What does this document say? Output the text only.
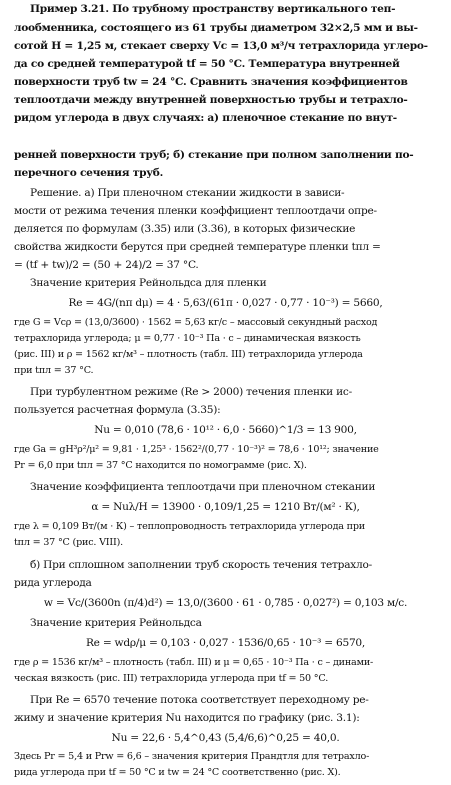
Пример 3.21. По трубному пространству вертикального теп-

лообменника, состоящего из 61 трубы диаметром 32×2,5 мм и вы-

сотой H = 1,25 м, стекает сверху Vc = 13,0 м³/ч тетрахлорида углеро-

да со средней температурой tf = 50 °C. Температура внутренней

поверхности труб tw = 24 °C. Сравнить значения коэффициентов

теплоотдачи между внутренней поверхностью трубы и тетрахло-

ридом углерода в двух случаях: а) пленочное стекание по внут-

ренней поверхности труб; б) стекание при полном заполнении по-

перечного сечения труб.

Решение. а) При пленочном стекании жидкости в зависи-

мости от режима течения пленки коэффициент теплоотдачи опре-

деляется по формулам (3.35) или (3.36), в которых физические

свойства жидкости берутся при средней температуре пленки tпл =

= (tf + tw)/2 = (50 + 24)/2 = 37 °C.

Значение критерия Рейнольдса для пленки

Re = 4G/(nπ dμ) = 4 · 5,63/(61π · 0,027 · 0,77 · 10⁻³) = 5660,

где G = Vcρ = (13,0/3600) · 1562 = 5,63 кг/с – массовый секундный расход

тетрахлорида углерода; μ = 0,77 · 10⁻³ Па · с – динамическая вязкость

(рис. III) и ρ = 1562 кг/м³ – плотность (табл. III) тетрахлорида углерода

при tпл = 37 °C.

При турбулентном режиме (Re > 2000) течения пленки ис-

пользуется расчетная формула (3.35):

Nu = 0,010 (78,6 · 10¹² · 6,0 · 5660)^1/3 = 13 900,

где Ga = gH³ρ²/μ² = 9,81 · 1,25³ · 1562²/(0,77 · 10⁻³)² = 78,6 · 10¹²; значение

Pr = 6,0 при tпл = 37 °C находится по номограмме (рис. X).

Значение коэффициента теплоотдачи при пленочном стекании

α = Nuλ/H = 13900 · 0,109/1,25 = 1210 Вт/(м² · К),

где λ = 0,109 Вт/(м · К) – теплопроводность тетрахлорида углерода при

tпл = 37 °C (рис. VIII).

б) При сплошном заполнении труб скорость течения тетрахло-

рида углерода

w = Vc/(3600n (π/4)d²) = 13,0/(3600 · 61 · 0,785 · 0,027²) = 0,103 м/с.

Значение критерия Рейнольдса

Re = wdρ/μ = 0,103 · 0,027 · 1536/0,65 · 10⁻³ = 6570,

где ρ = 1536 кг/м³ – плотность (табл. III) и μ = 0,65 · 10⁻³ Па · с – динами-

ческая вязкость (рис. III) тетрахлорида углерода при tf = 50 °C.

При Re = 6570 течение потока соответствует переходному ре-

жиму и значение критерия Nu находится по графику (рис. 3.1):

Nu = 22,6 · 5,4^0,43 (5,4/6,6)^0,25 = 40,0.

Здесь Pr = 5,4 и Prw = 6,6 – значения критерия Прандтля для тетрахло-

рида углерода при tf = 50 °C и tw = 24 °C соответственно (рис. X).
